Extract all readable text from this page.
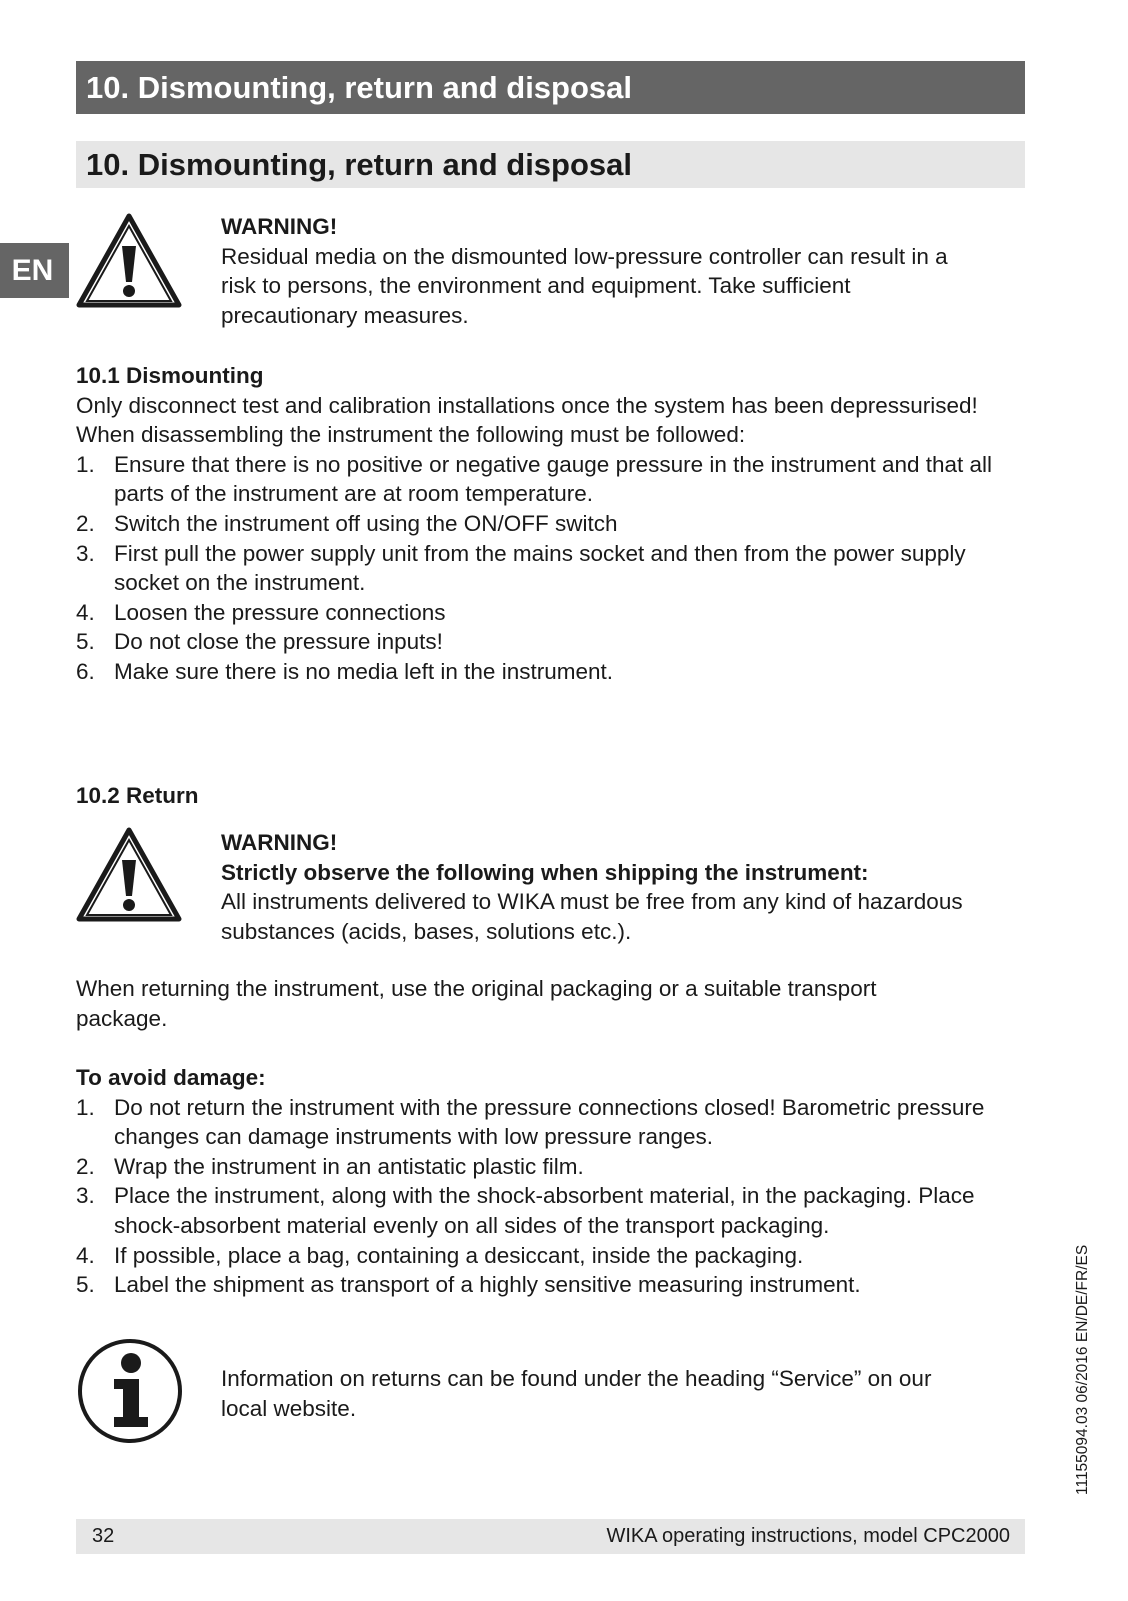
10. Dismounting, return and disposal
10. Dismounting, return and disposal
EN

WARNING!

Residual media on the dismounted low-pressure controller can result in a risk to persons, the environment and equipment. Take sufficient precautionary measures.

10.1 Dismounting

Only disconnect test and calibration installations once the system has been depressurised!

When disassembling the instrument the following must be followed:

1. Ensure that there is no positive or negative gauge pressure in the instrument and that all parts of the instrument are at room temperature.
2. Switch the instrument off using the ON/OFF switch
3. First pull the power supply unit from the mains socket and then from the power supply socket on the instrument.
4. Loosen the pressure connections
5. Do not close the pressure inputs!
6. Make sure there is no media left in the instrument.
10.2 Return

WARNING!

Strictly observe the following when shipping the instrument:

All instruments delivered to WIKA must be free from any kind of hazardous substances (acids, bases, solutions etc.).

When returning the instrument, use the original packaging or a suitable transport package.

To avoid damage:

1. Do not return the instrument with the pressure connections closed! Barometric pressure changes can damage instruments with low pressure ranges.
2. Wrap the instrument in an antistatic plastic film.
3. Place the instrument, along with the shock-absorbent material, in the packaging. Place shock-absorbent material evenly on all sides of the transport packaging.
4. If possible, place a bag, containing a desiccant, inside the packaging.
5. Label the shipment as transport of a highly sensitive measuring instrument.
Information on returns can be found under the heading “Service” on our local website.	11155094.03 06/2016 EN/DE/FR/ES
32	WIKA operating instructions, model CPC2000
